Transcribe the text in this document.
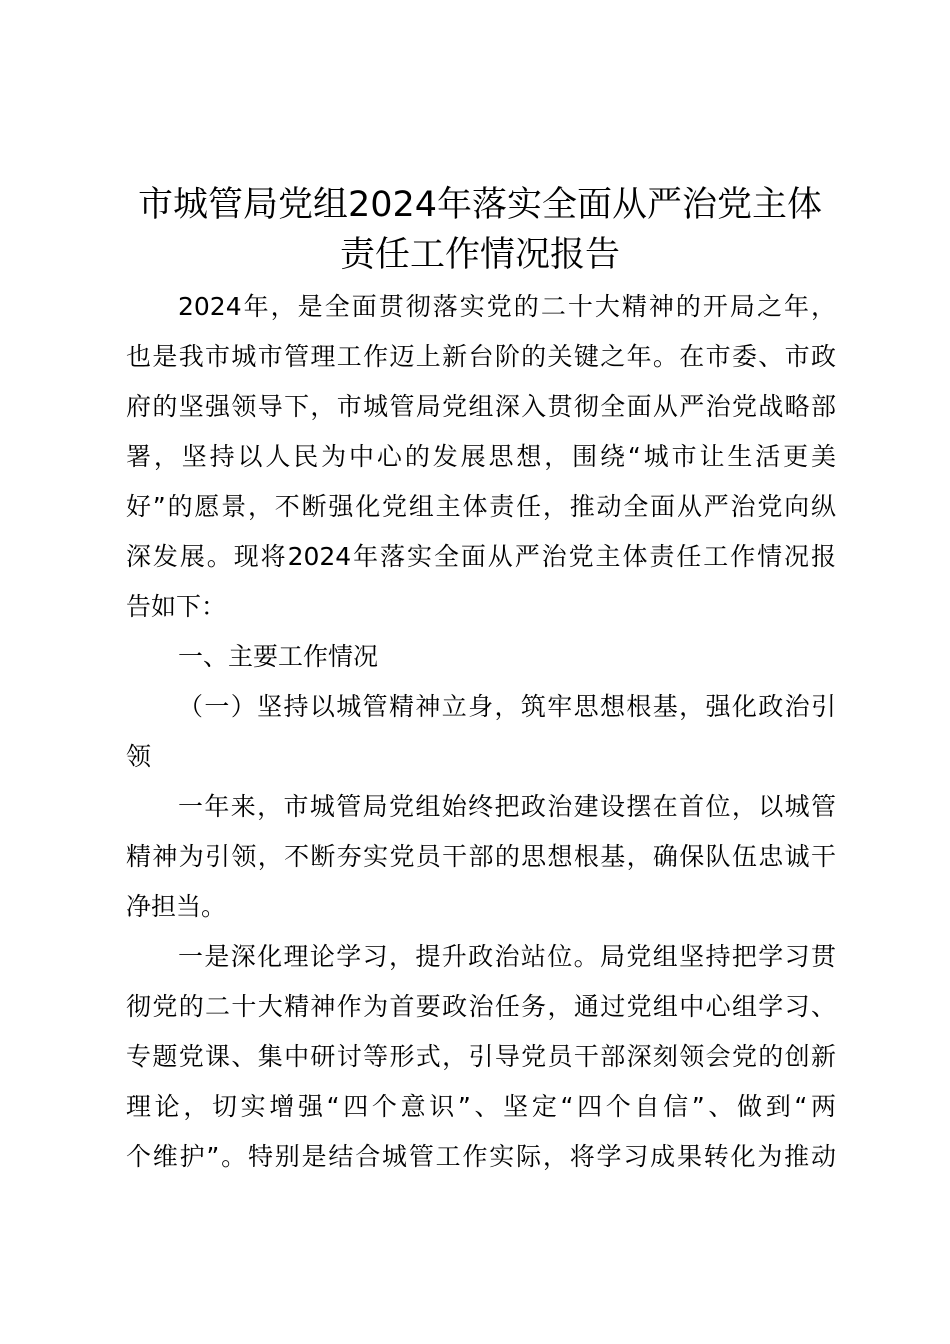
市城管局党组2024年落实全面从严治党主体
责任工作情况报告
2024年，是全面贯彻落实党的二十大精神的开局之年，
也是我市城市管理工作迈上新台阶的关键之年。在市委、市政
府的坚强领导下，市城管局党组深入贯彻全面从严治党战略部
署，坚持以人民为中心的发展思想，围绕“城市让生活更美
好”的愿景，不断强化党组主体责任，推动全面从严治党向纵
深发展。现将2024年落实全面从严治党主体责任工作情况报
告如下：
一、主要工作情况
（一）坚持以城管精神立身，筑牢思想根基，强化政治引
领
一年来，市城管局党组始终把政治建设摆在首位，以城管
精神为引领，不断夯实党员干部的思想根基，确保队伍忠诚干
净担当。
一是深化理论学习，提升政治站位。局党组坚持把学习贯
彻党的二十大精神作为首要政治任务，通过党组中心组学习、
专题党课、集中研讨等形式，引导党员干部深刻领会党的创新
理论，切实增强“四个意识”、坚定“四个自信”、做到“两
个维护”。特别是结合城管工作实际，将学习成果转化为推动
